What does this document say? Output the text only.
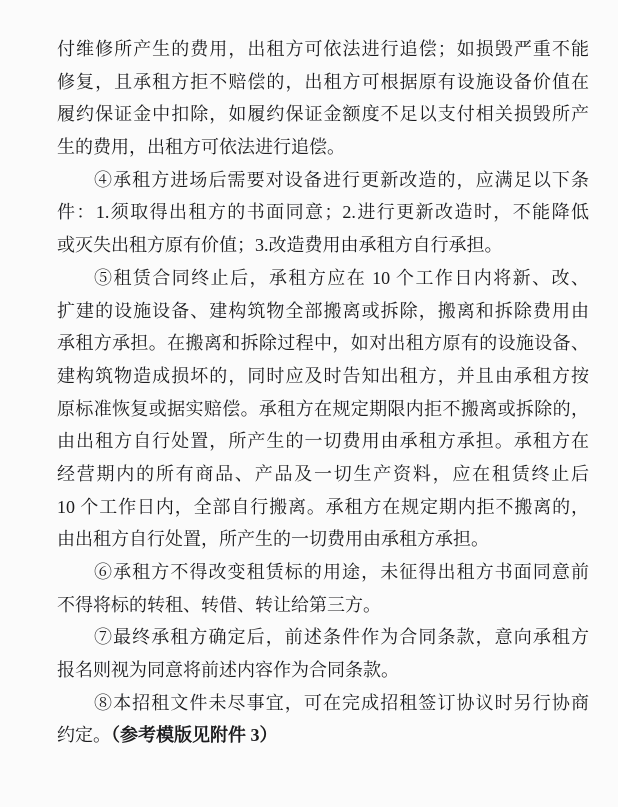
付维修所产生的费用，出租方可依法进行追偿；如损毁严重不能
修复，且承租方拒不赔偿的，出租方可根据原有设施设备价值在
履约保证金中扣除，如履约保证金额度不足以支付相关损毁所产
生的费用，出租方可依法进行追偿。
④承租方进场后需要对设备进行更新改造的，应满足以下条
件：1.须取得出租方的书面同意；2.进行更新改造时，不能降低
或灭失出租方原有价值；3.改造费用由承租方自行承担。
⑤租赁合同终止后，承租方应在 10 个工作日内将新、改、
扩建的设施设备、建构筑物全部搬离或拆除，搬离和拆除费用由
承租方承担。在搬离和拆除过程中，如对出租方原有的设施设备、
建构筑物造成损坏的，同时应及时告知出租方，并且由承租方按
原标准恢复或据实赔偿。承租方在规定期限内拒不搬离或拆除的，
由出租方自行处置，所产生的一切费用由承租方承担。承租方在
经营期内的所有商品、产品及一切生产资料，应在租赁终止后
10 个工作日内，全部自行搬离。承租方在规定期内拒不搬离的，
由出租方自行处置，所产生的一切费用由承租方承担。
⑥承租方不得改变租赁标的用途，未征得出租方书面同意前
不得将标的转租、转借、转让给第三方。
⑦最终承租方确定后，前述条件作为合同条款，意向承租方
报名则视为同意将前述内容作为合同条款。
⑧本招租文件未尽事宜，可在完成招租签订协议时另行协商
约定。（参考模版见附件 3）
